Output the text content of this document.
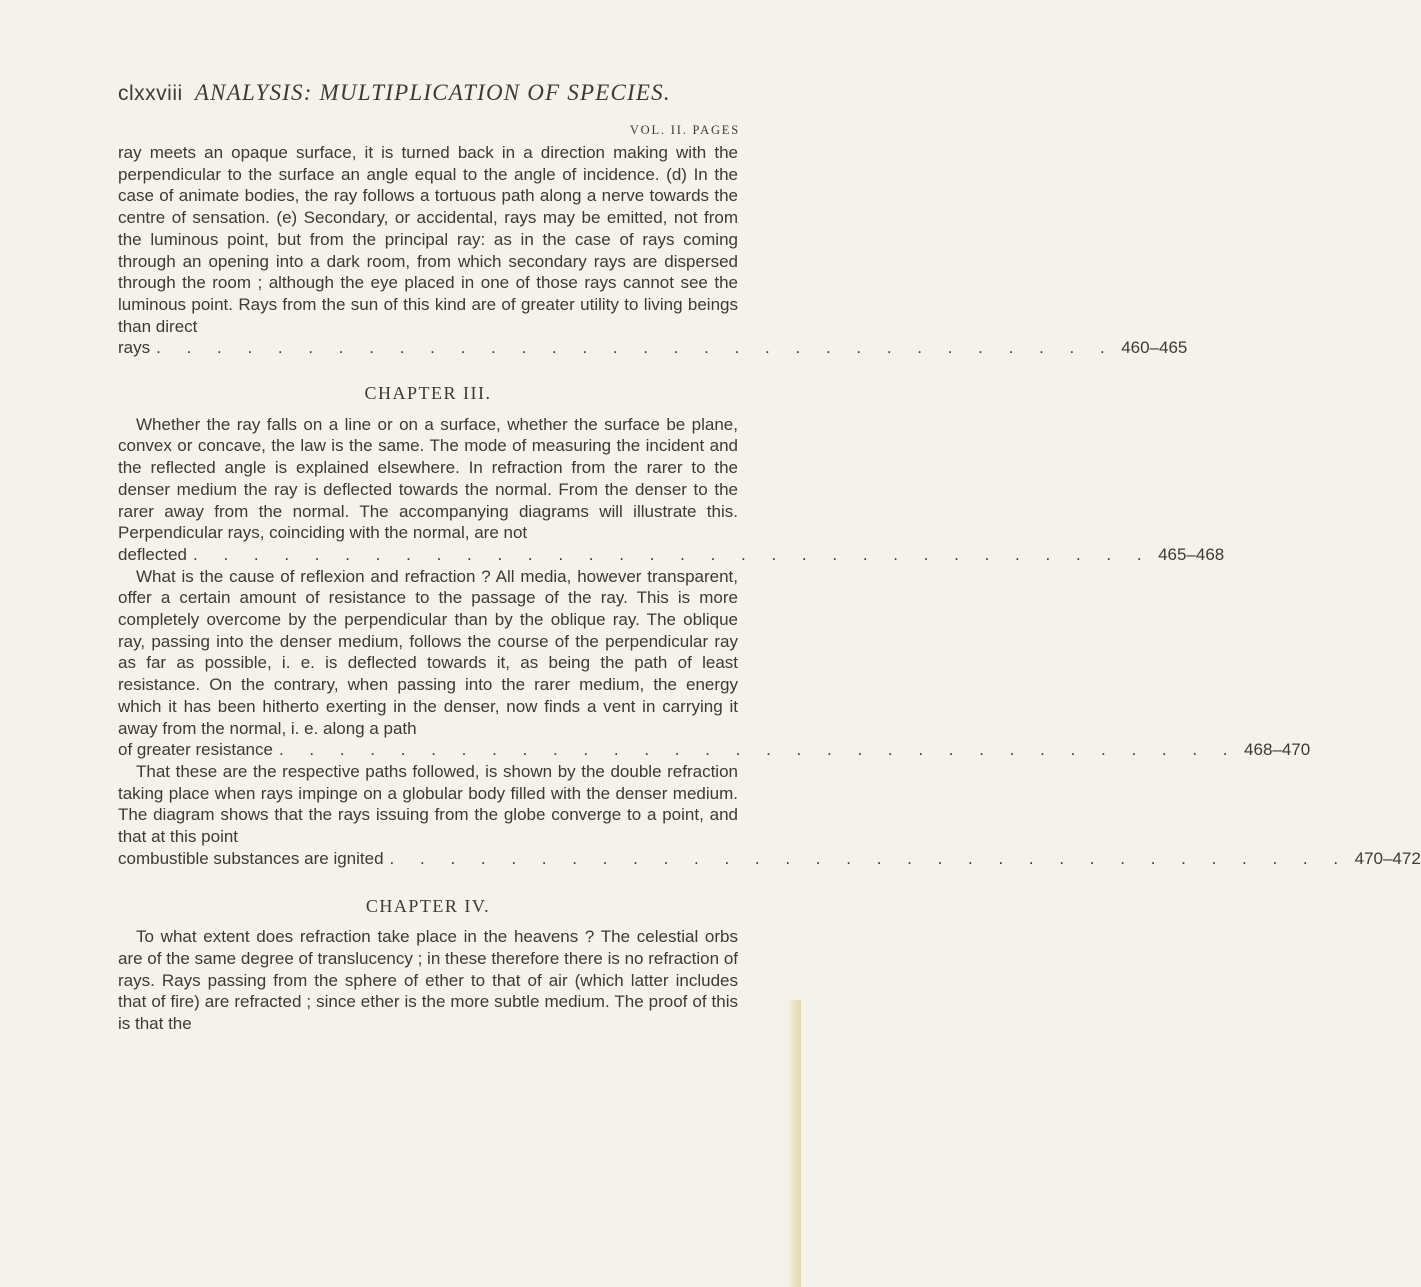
clxxviii ANALYSIS: MULTIPLICATION OF SPECIES.
VOL. II. PAGES

ray meets an opaque surface, it is turned back in a direction making with the perpendicular to the surface an angle equal to the angle of incidence. (d) In the case of animate bodies, the ray follows a tortuous path along a nerve towards the centre of sensation. (e) Secondary, or accidental, rays may be emitted, not from the luminous point, but from the principal ray: as in the case of rays coming through an opening into a dark room, from which secondary rays are dispersed through the room ; although the eye placed in one of those rays cannot see the luminous point. Rays from the sun of this kind are of greater utility to living beings than direct

rays . . . . . . . . . . . . . . . . . . . . . . . . . . . . . . . . 460–465
CHAPTER III.

Whether the ray falls on a line or on a surface, whether the surface be plane, convex or concave, the law is the same. The mode of measuring the incident and the reflected angle is explained elsewhere. In refraction from the rarer to the denser medium the ray is deflected towards the normal. From the denser to the rarer away from the normal. The accompanying diagrams will illustrate this. Perpendicular rays, coinciding with the normal, are not

deflected . . . . . . . . . . . . . . . . . . . . . . . . . . . . . . . . 465–468

What is the cause of reflexion and refraction ? All media, however transparent, offer a certain amount of resistance to the passage of the ray. This is more completely overcome by the perpendicular than by the oblique ray. The oblique ray, passing into the denser medium, follows the course of the perpendicular ray as far as possible, i. e. is deflected towards it, as being the path of least resistance. On the contrary, when passing into the rarer medium, the energy which it has been hitherto exerting in the denser, now finds a vent in carrying it away from the normal, i. e. along a path

of greater resistance . . . . . . . . . . . . . . . . . . . . . . . . . . . . . . . . 468–470

That these are the respective paths followed, is shown by the double refraction taking place when rays impinge on a globular body filled with the denser medium. The diagram shows that the rays issuing from the globe converge to a point, and that at this point

combustible substances are ignited . . . . . . . . . . . . . . . . . . . . . . . . . . . . . . . . 470–472
CHAPTER IV.

To what extent does refraction take place in the heavens ? The celestial orbs are of the same degree of translucency ; in these therefore there is no refraction of rays. Rays passing from the sphere of ether to that of air (which latter includes that of fire) are refracted ; since ether is the more subtle medium. The proof of this is that the
